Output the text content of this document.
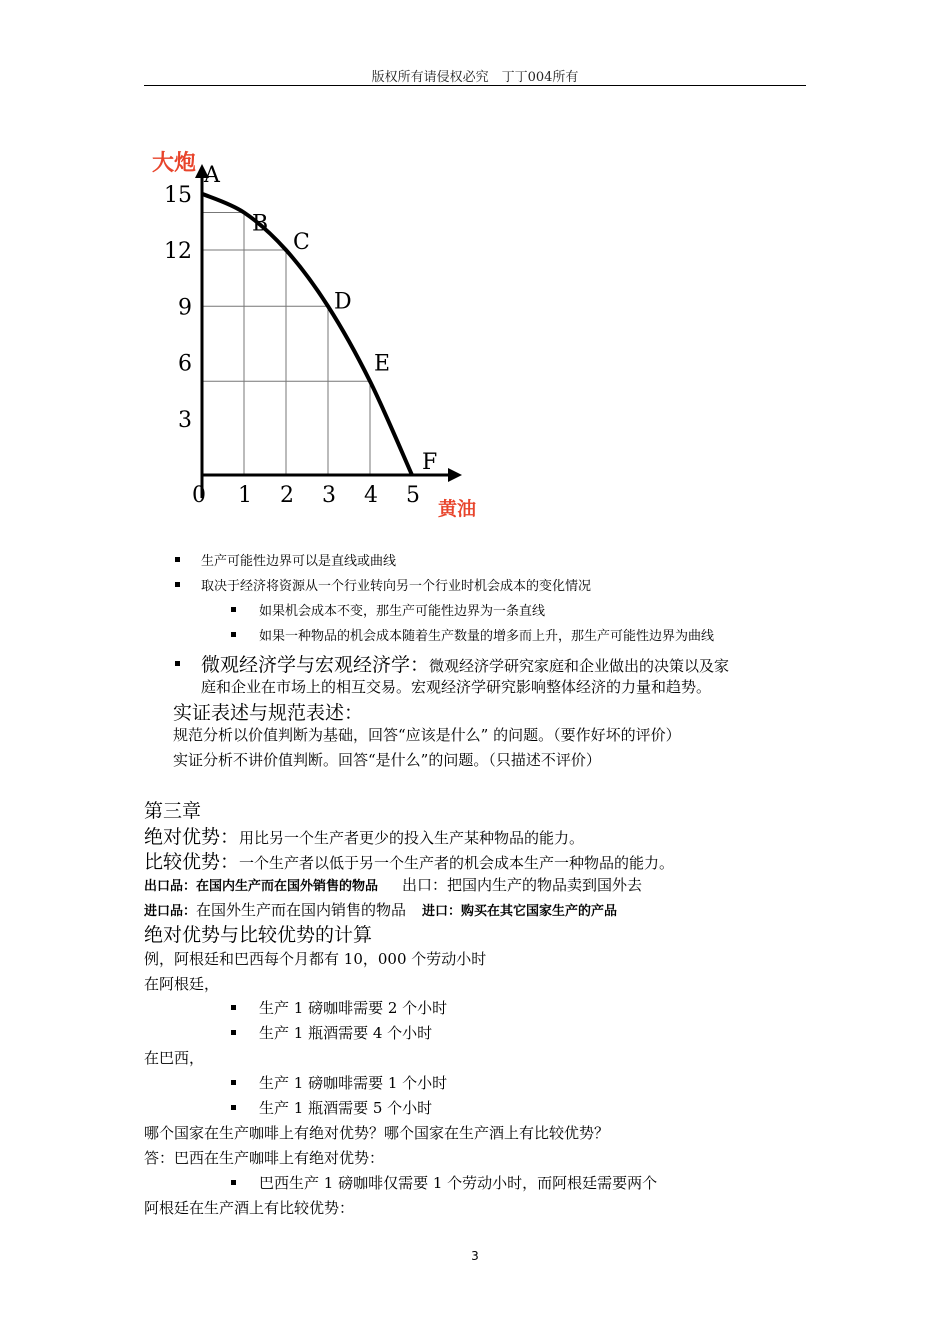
版权所有请侵权必究　丁丁004所有
A
B
C
D
E
F
0 1 2 3 4 5
3
6
9
12
15
大炮
黄油
生产可能性边界可以是直线或曲线
取决于经济将资源从一个行业转向另一个行业时机会成本的变化情况
如果机会成本不变，那生产可能性边界为一条直线
如果一种物品的机会成本随着生产数量的增多而上升，那生产可能性边界为曲线
微观经济学与宏观经济学：微观经济学研究家庭和企业做出的决策以及家
庭和企业在市场上的相互交易。宏观经济学研究影响整体经济的力量和趋势。
实证表述与规范表述：
规范分析以价值判断为基础，回答“应该是什么” 的问题。（要作好坏的评价）
实证分析不讲价值判断。回答“是什么”的问题。（只描述不评价）
第三章
绝对优势：用比另一个生产者更少的投入生产某种物品的能力。
比较优势：一个生产者以低于另一个生产者的机会成本生产一种物品的能力。
出口品：在国内生产而在国外销售的物品 出口：把国内生产的物品卖到国外去
进口品：在国外生产而在国内销售的物品 进口：购买在其它国家生产的产品
绝对优势与比较优势的计算
例，阿根廷和巴西每个月都有 10，000 个劳动小时
在阿根廷，
生产 1 磅咖啡需要 2 个小时
生产 1 瓶酒需要 4 个小时
在巴西，
生产 1 磅咖啡需要 1 个小时
生产 1 瓶酒需要 5 个小时
哪个国家在生产咖啡上有绝对优势？哪个国家在生产酒上有比较优势？
答：巴西在生产咖啡上有绝对优势：
巴西生产 1 磅咖啡仅需要 1 个劳动小时，而阿根廷需要两个
阿根廷在生产酒上有比较优势：
3
